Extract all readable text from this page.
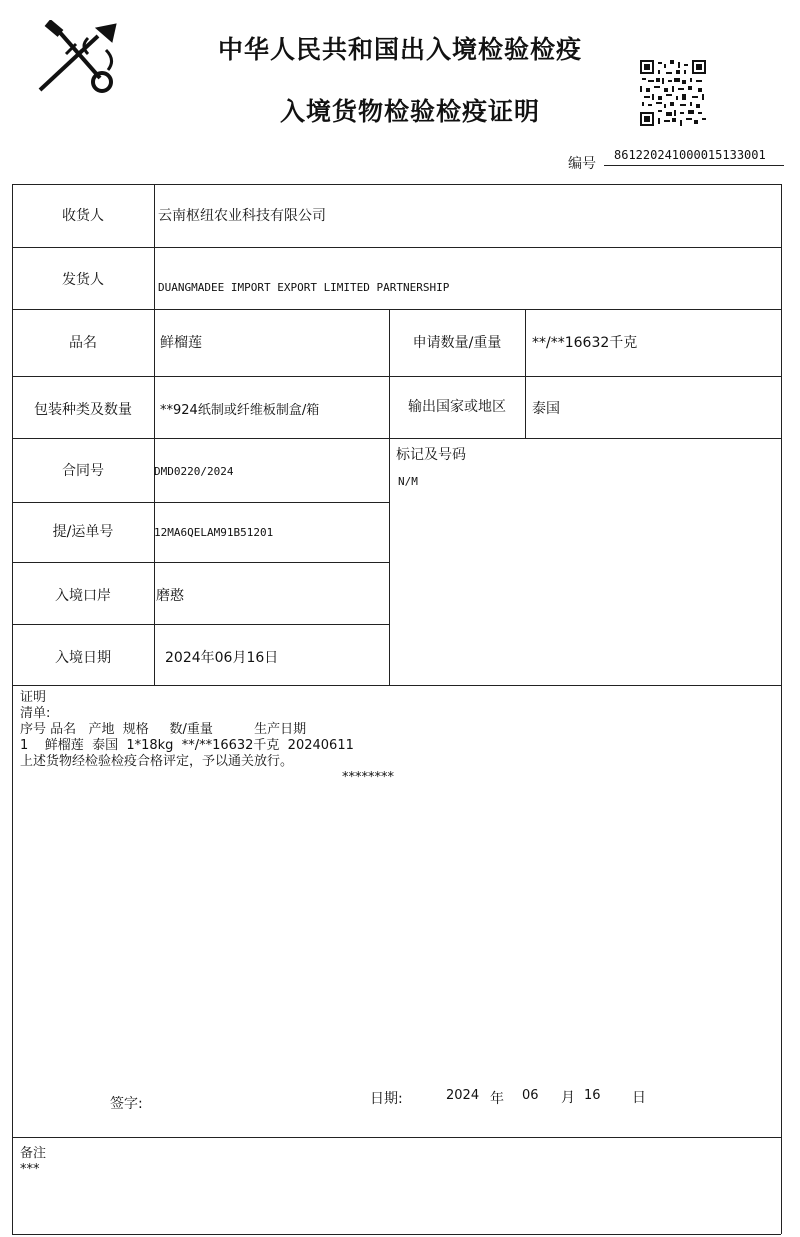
中华人民共和国出入境检验检疫
入境货物检验检疫证明
编号
861220241000015133001
收货人	云南枢纽农业科技有限公司
发货人	DUANGMADEE IMPORT EXPORT LIMITED PARTNERSHIP
品名	鲜榴莲	申请数量/重量	**/**16632千克
包装种类及数量	**924纸制或纤维板制盒/箱	输出国家或地区	泰国
合同号	DMD0220/2024
标记及号码
N/M
提/运单号	12MA6QELAM91B51201
入境口岸	磨憨
入境日期	2024年06月16日
证明
清单:
序号 品名   产地  规格     数/重量          生产日期
1    鲜榴莲  泰国  1*18kg  **/**16632千克  20240611
上述货物经检验检疫合格评定，予以通关放行。
********
签字:	日期:	2024 年 06 月 16 日
备注
***
